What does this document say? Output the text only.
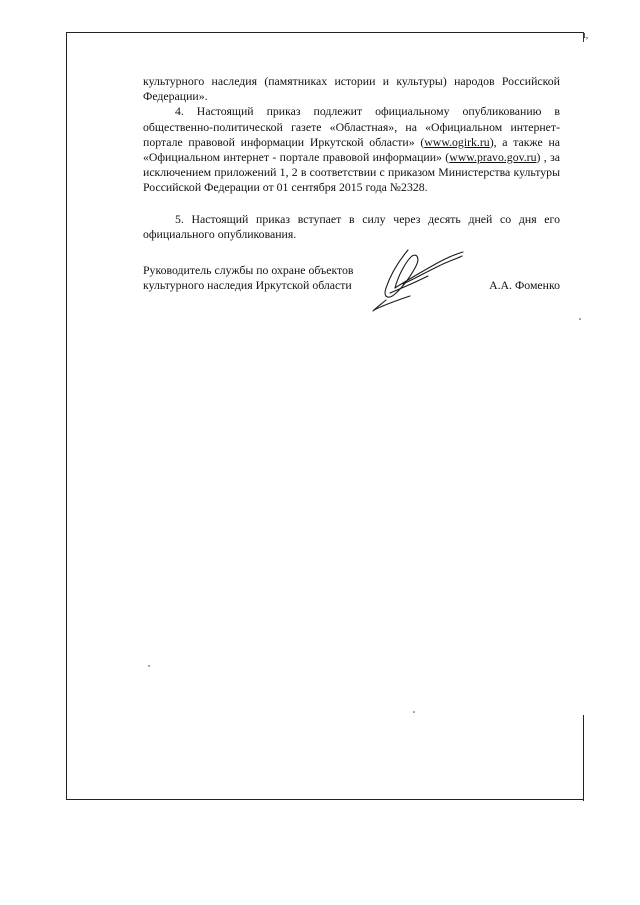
ı,

культурного наследия (памятниках истории и культуры) народов Российской Федерации».

4. Настоящий приказ подлежит официальному опубликованию в общественно-политической газете «Областная», на «Официальном интернет-портале правовой информации Иркутской области» (www.ogirk.ru), а также на «Официальном интернет - портале правовой информации» (www.pravo.gov.ru) , за исключением приложений 1, 2 в соответствии с приказом Министерства культуры Российской Федерации от 01 сентября 2015 года №2328.

5. Настоящий приказ вступает в силу через десять дней со дня его официального опубликования.

Руководитель службы по охране объектов
культурного наследия Иркутской области	А.А. Фоменко
